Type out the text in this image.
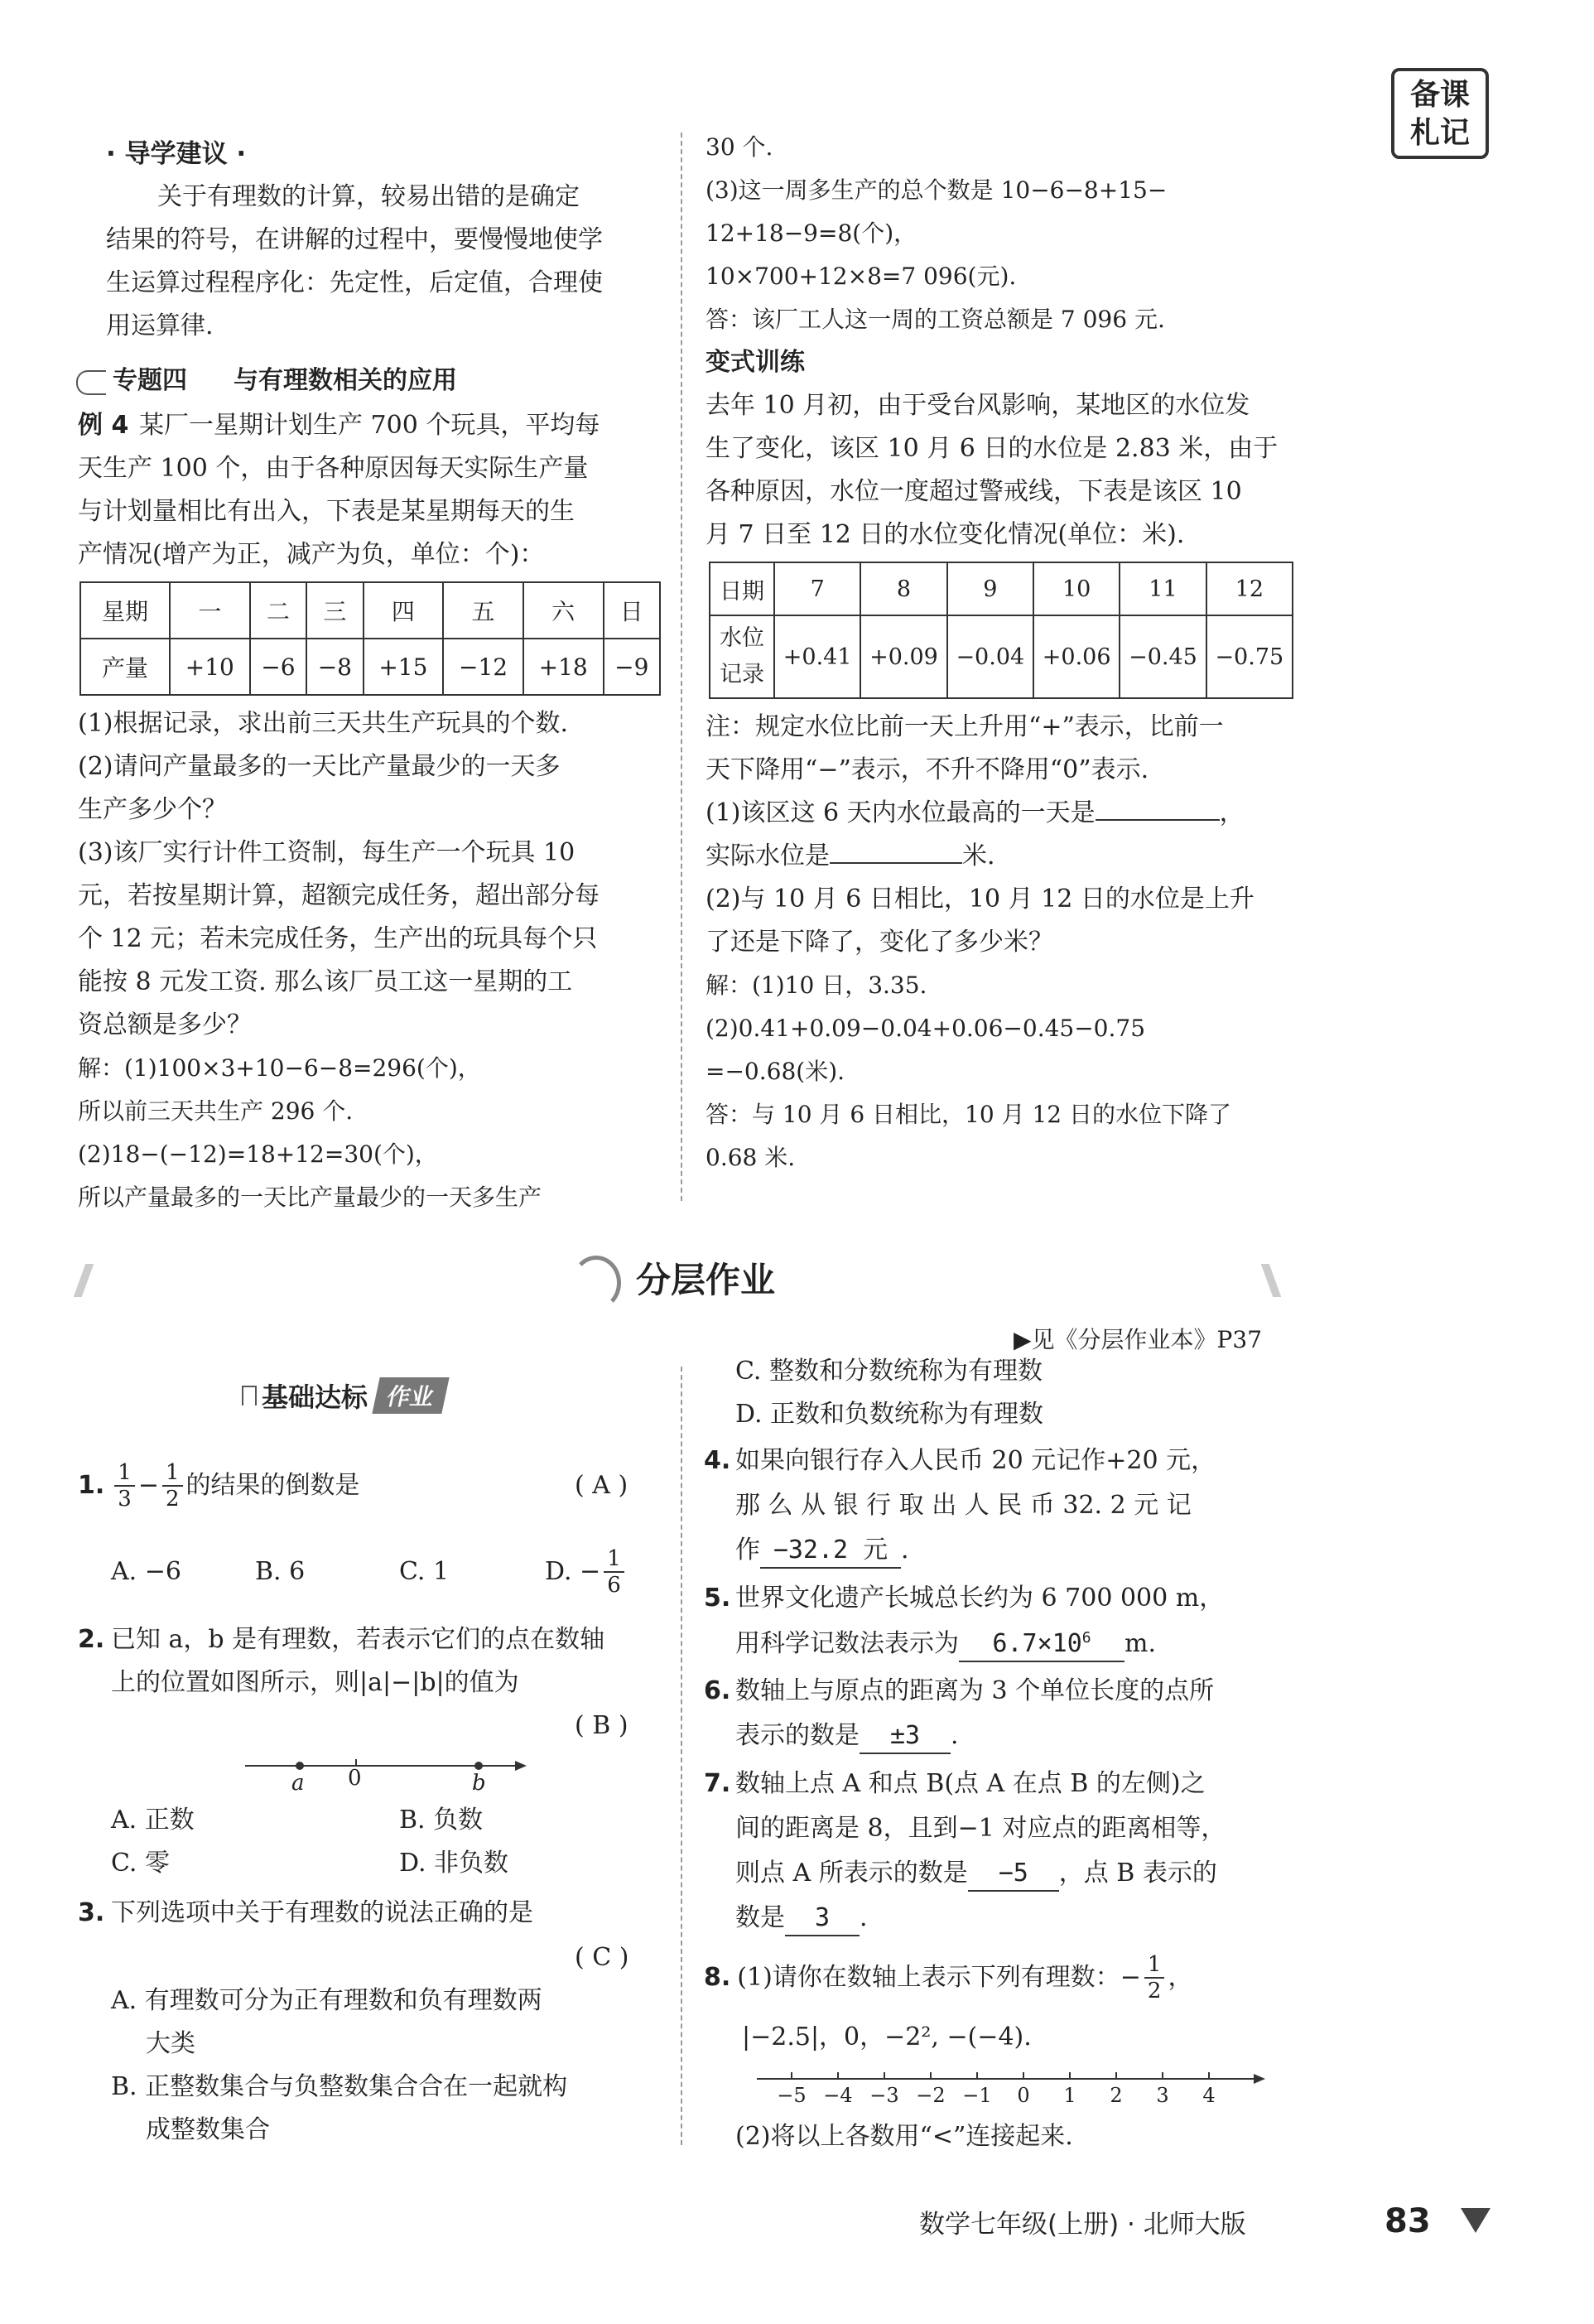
备课
札记
· 导学建议 ·
关于有理数的计算，较易出错的是确定
结果的符号，在讲解的过程中，要慢慢地使学
生运算过程程序化：先定性，后定值，合理使
用运算律.
专题四 与有理数相关的应用
例 4 某厂一星期计划生产 700 个玩具，平均每
天生产 100 个，由于各种原因每天实际生产量
与计划量相比有出入，下表是某星期每天的生
产情况(增产为正，减产为负，单位：个)：
星期	一	二	三	四	五	六	日
产量	+10	−6	−8	+15	−12	+18	−9
(1)根据记录，求出前三天共生产玩具的个数.
(2)请问产量最多的一天比产量最少的一天多
生产多少个？
(3)该厂实行计件工资制，每生产一个玩具 10
元，若按星期计算，超额完成任务，超出部分每
个 12 元；若未完成任务，生产出的玩具每个只
能按 8 元发工资. 那么该厂员工这一星期的工
资总额是多少？
解：(1)100×3+10−6−8=296(个)，
所以前三天共生产 296 个.
(2)18−(−12)=18+12=30(个)，
所以产量最多的一天比产量最少的一天多生产
30 个.
(3)这一周多生产的总个数是 10−6−8+15−
12+18−9=8(个)，
10×700+12×8=7 096(元).
答：该厂工人这一周的工资总额是 7 096 元.
变式训练
去年 10 月初，由于受台风影响，某地区的水位发
生了变化，该区 10 月 6 日的水位是 2.83 米，由于
各种原因，水位一度超过警戒线，下表是该区 10
月 7 日至 12 日的水位变化情况(单位：米).
日期	7	8	9	10	11	12

水位
记录	+0.41	+0.09	−0.04	+0.06	−0.45	−0.75
注：规定水位比前一天上升用“+”表示，比前一
天下降用“−”表示，不升不降用“0”表示.
(1)该区这 6 天内水位最高的一天是	，
实际水位是	米.
(2)与 10 月 6 日相比，10 月 12 日的水位是上升
了还是下降了，变化了多少米？
解：(1)10 日，3.35.
(2)0.41+0.09−0.04+0.06−0.45−0.75
=−0.68(米).
答：与 10 月 6 日相比，10 月 12 日的水位下降了
0.68 米.
分层作业
▶见《分层作业本》P37
基础达标 作业
1. $\frac{1}{3} - \frac{1}{2}$ 的结果的倒数是	( A )
A. −6	B. 6	C. 1	D. − $\frac{1}{6}$
2. 已知 a，b 是有理数，若表示它们的点在数轴
上的位置如图所示，则|a|−|b|的值为
( B )
a 0	b
A. 正数	B. 负数
C. 零	D. 非负数
3. 下列选项中关于有理数的说法正确的是
( C )
A. 有理数可分为正有理数和负有理数两
大类
B. 正整数集合与负整数集合合在一起就构
成整数集合
C. 整数和分数统称为有理数
D. 正数和负数统称为有理数
4. 如果向银行存入人民币 20 元记作+20 元，
那 么 从 银 行 取 出 人 民 币 32. 2 元 记
作 −32.2 元 .
5. 世界文化遗产长城总长约为 6 700 000 m，
用科学记数法表示为 $6.7\times 10^6$ m.
6. 数轴上与原点的距离为 3 个单位长度的点所
表示的数是 ±3 .
7. 数轴上点 A 和点 B(点 A 在点 B 的左侧)之
间的距离是 8，且到−1 对应点的距离相等，
则点 A 所表示的数是 −5 ，点 B 表示的
数是 3 .
8. (1)请你在数轴上表示下列有理数：− $\frac{1}{2}$ ，
|−2.5|，0，−2², −(−4).
−5 −4 −3 −2 −1 0 1 2 3 4
(2)将以上各数用“<”连接起来.
数学七年级(上册) · 北师大版	83
